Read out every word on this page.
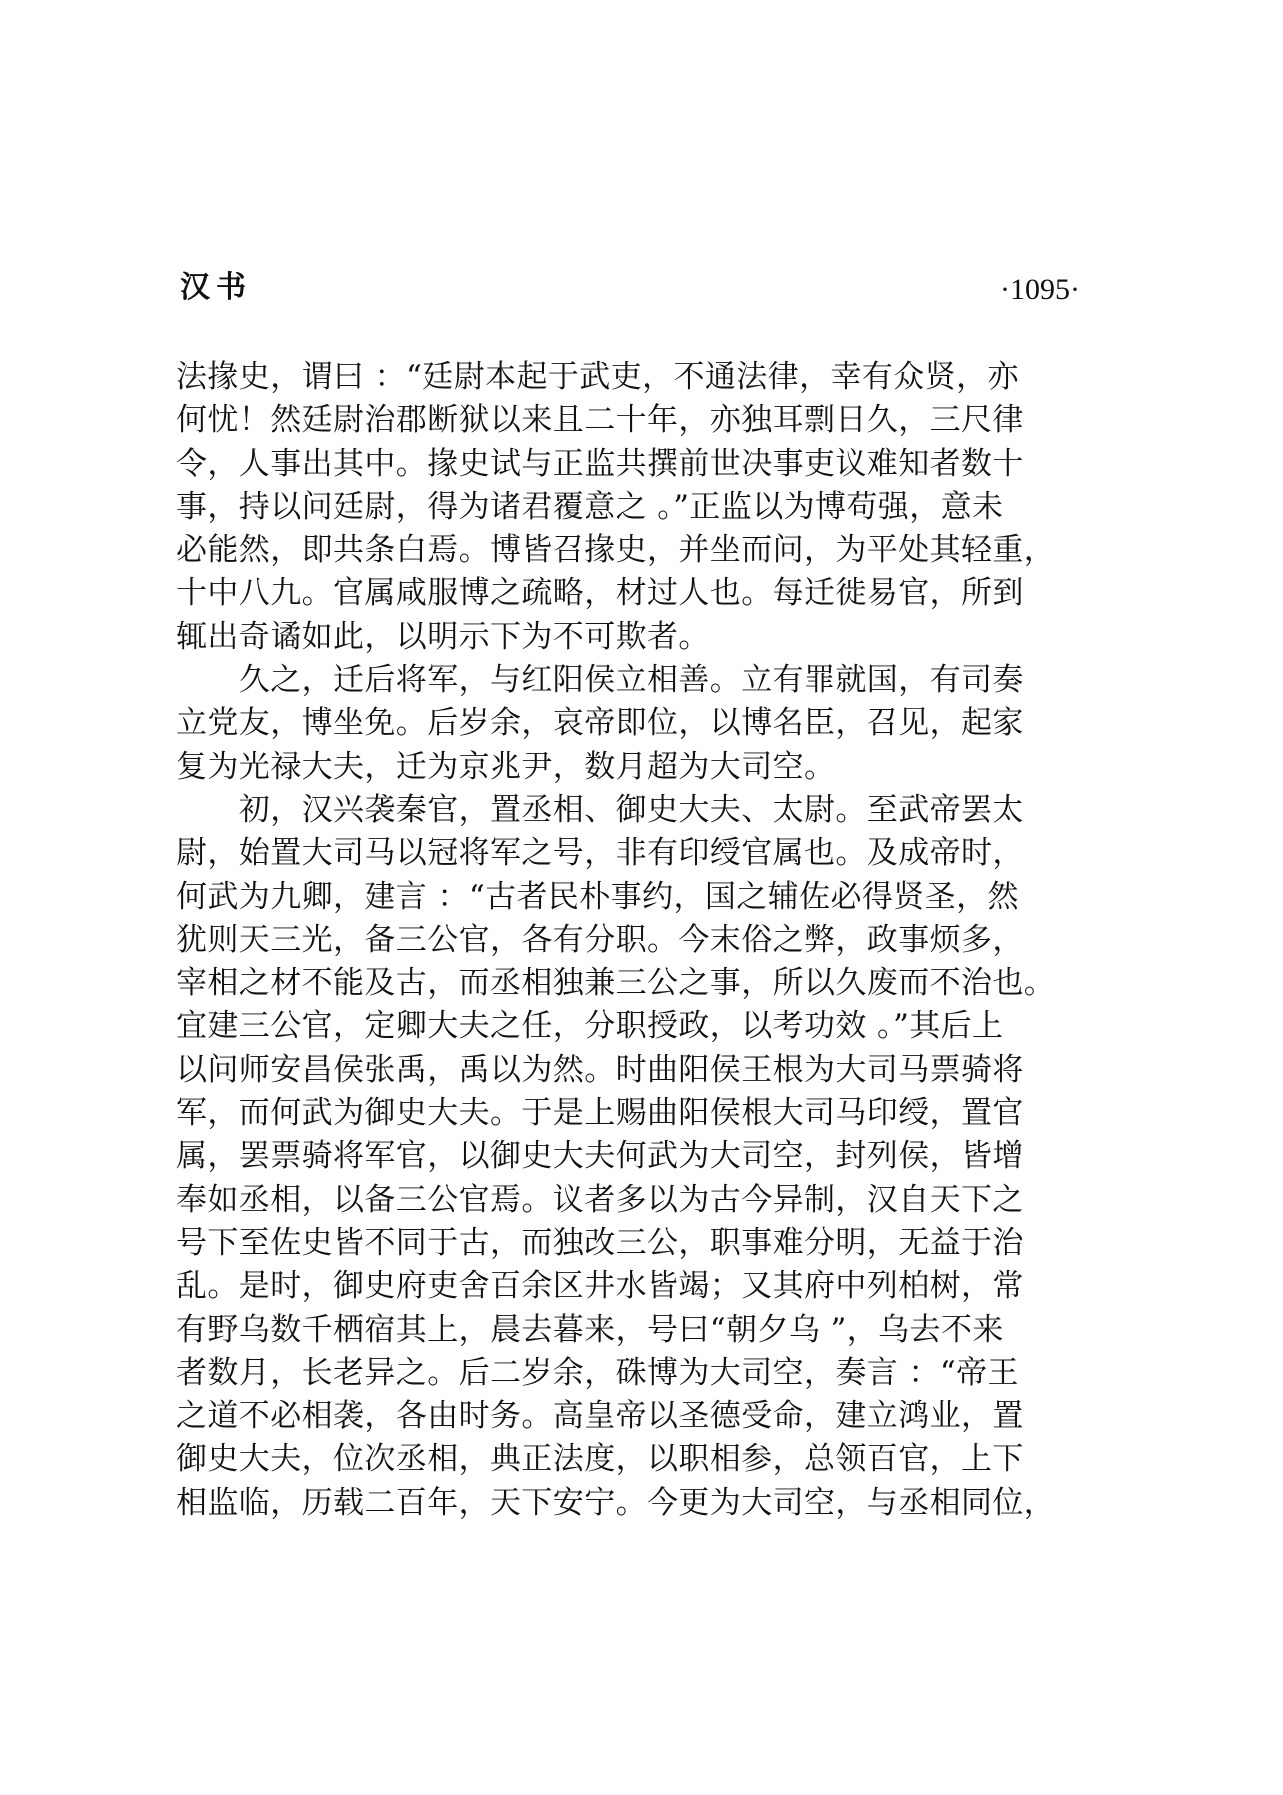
汉书	·1095·
法掾史，谓曰 ：“廷尉本起于武吏，不通法律，幸有众贤，亦
何忧！然廷尉治郡断狱以来且二十年，亦独耳剽日久，三尺律
令，人事出其中。掾史试与正监共撰前世决事吏议难知者数十
事，持以问廷尉，得为诸君覆意之 。”正监以为博苟强，意未
必能然，即共条白焉。博皆召掾史，并坐而问，为平处其轻重，
十中八九。官属咸服博之疏略，材过人也。每迁徙易官，所到
辄出奇谲如此，以明示下为不可欺者。
　　久之，迁后将军，与红阳侯立相善。立有罪就国，有司奏
立党友，博坐免。后岁余，哀帝即位，以博名臣，召见，起家
复为光禄大夫，迁为京兆尹，数月超为大司空。
　　初，汉兴袭秦官，置丞相、御史大夫、太尉。至武帝罢太
尉，始置大司马以冠将军之号，非有印绶官属也。及成帝时，
何武为九卿，建言 ：“古者民朴事约，国之辅佐必得贤圣，然
犹则天三光，备三公官，各有分职。今末俗之弊，政事烦多，
宰相之材不能及古，而丞相独兼三公之事，所以久废而不治也。
宜建三公官，定卿大夫之任，分职授政，以考功效 。”其后上
以问师安昌侯张禹，禹以为然。时曲阳侯王根为大司马票骑将
军，而何武为御史大夫。于是上赐曲阳侯根大司马印绶，置官
属，罢票骑将军官，以御史大夫何武为大司空，封列侯，皆增
奉如丞相，以备三公官焉。议者多以为古今异制，汉自天下之
号下至佐史皆不同于古，而独改三公，职事难分明，无益于治
乱。是时，御史府吏舍百余区井水皆竭；又其府中列柏树，常
有野乌数千栖宿其上，晨去暮来，号曰“朝夕乌 ”，乌去不来
者数月，长老异之。后二岁余，硃博为大司空，奏言 ：“帝王
之道不必相袭，各由时务。高皇帝以圣德受命，建立鸿业，置
御史大夫，位次丞相，典正法度，以职相参，总领百官，上下
相监临，历载二百年，天下安宁。今更为大司空，与丞相同位，
